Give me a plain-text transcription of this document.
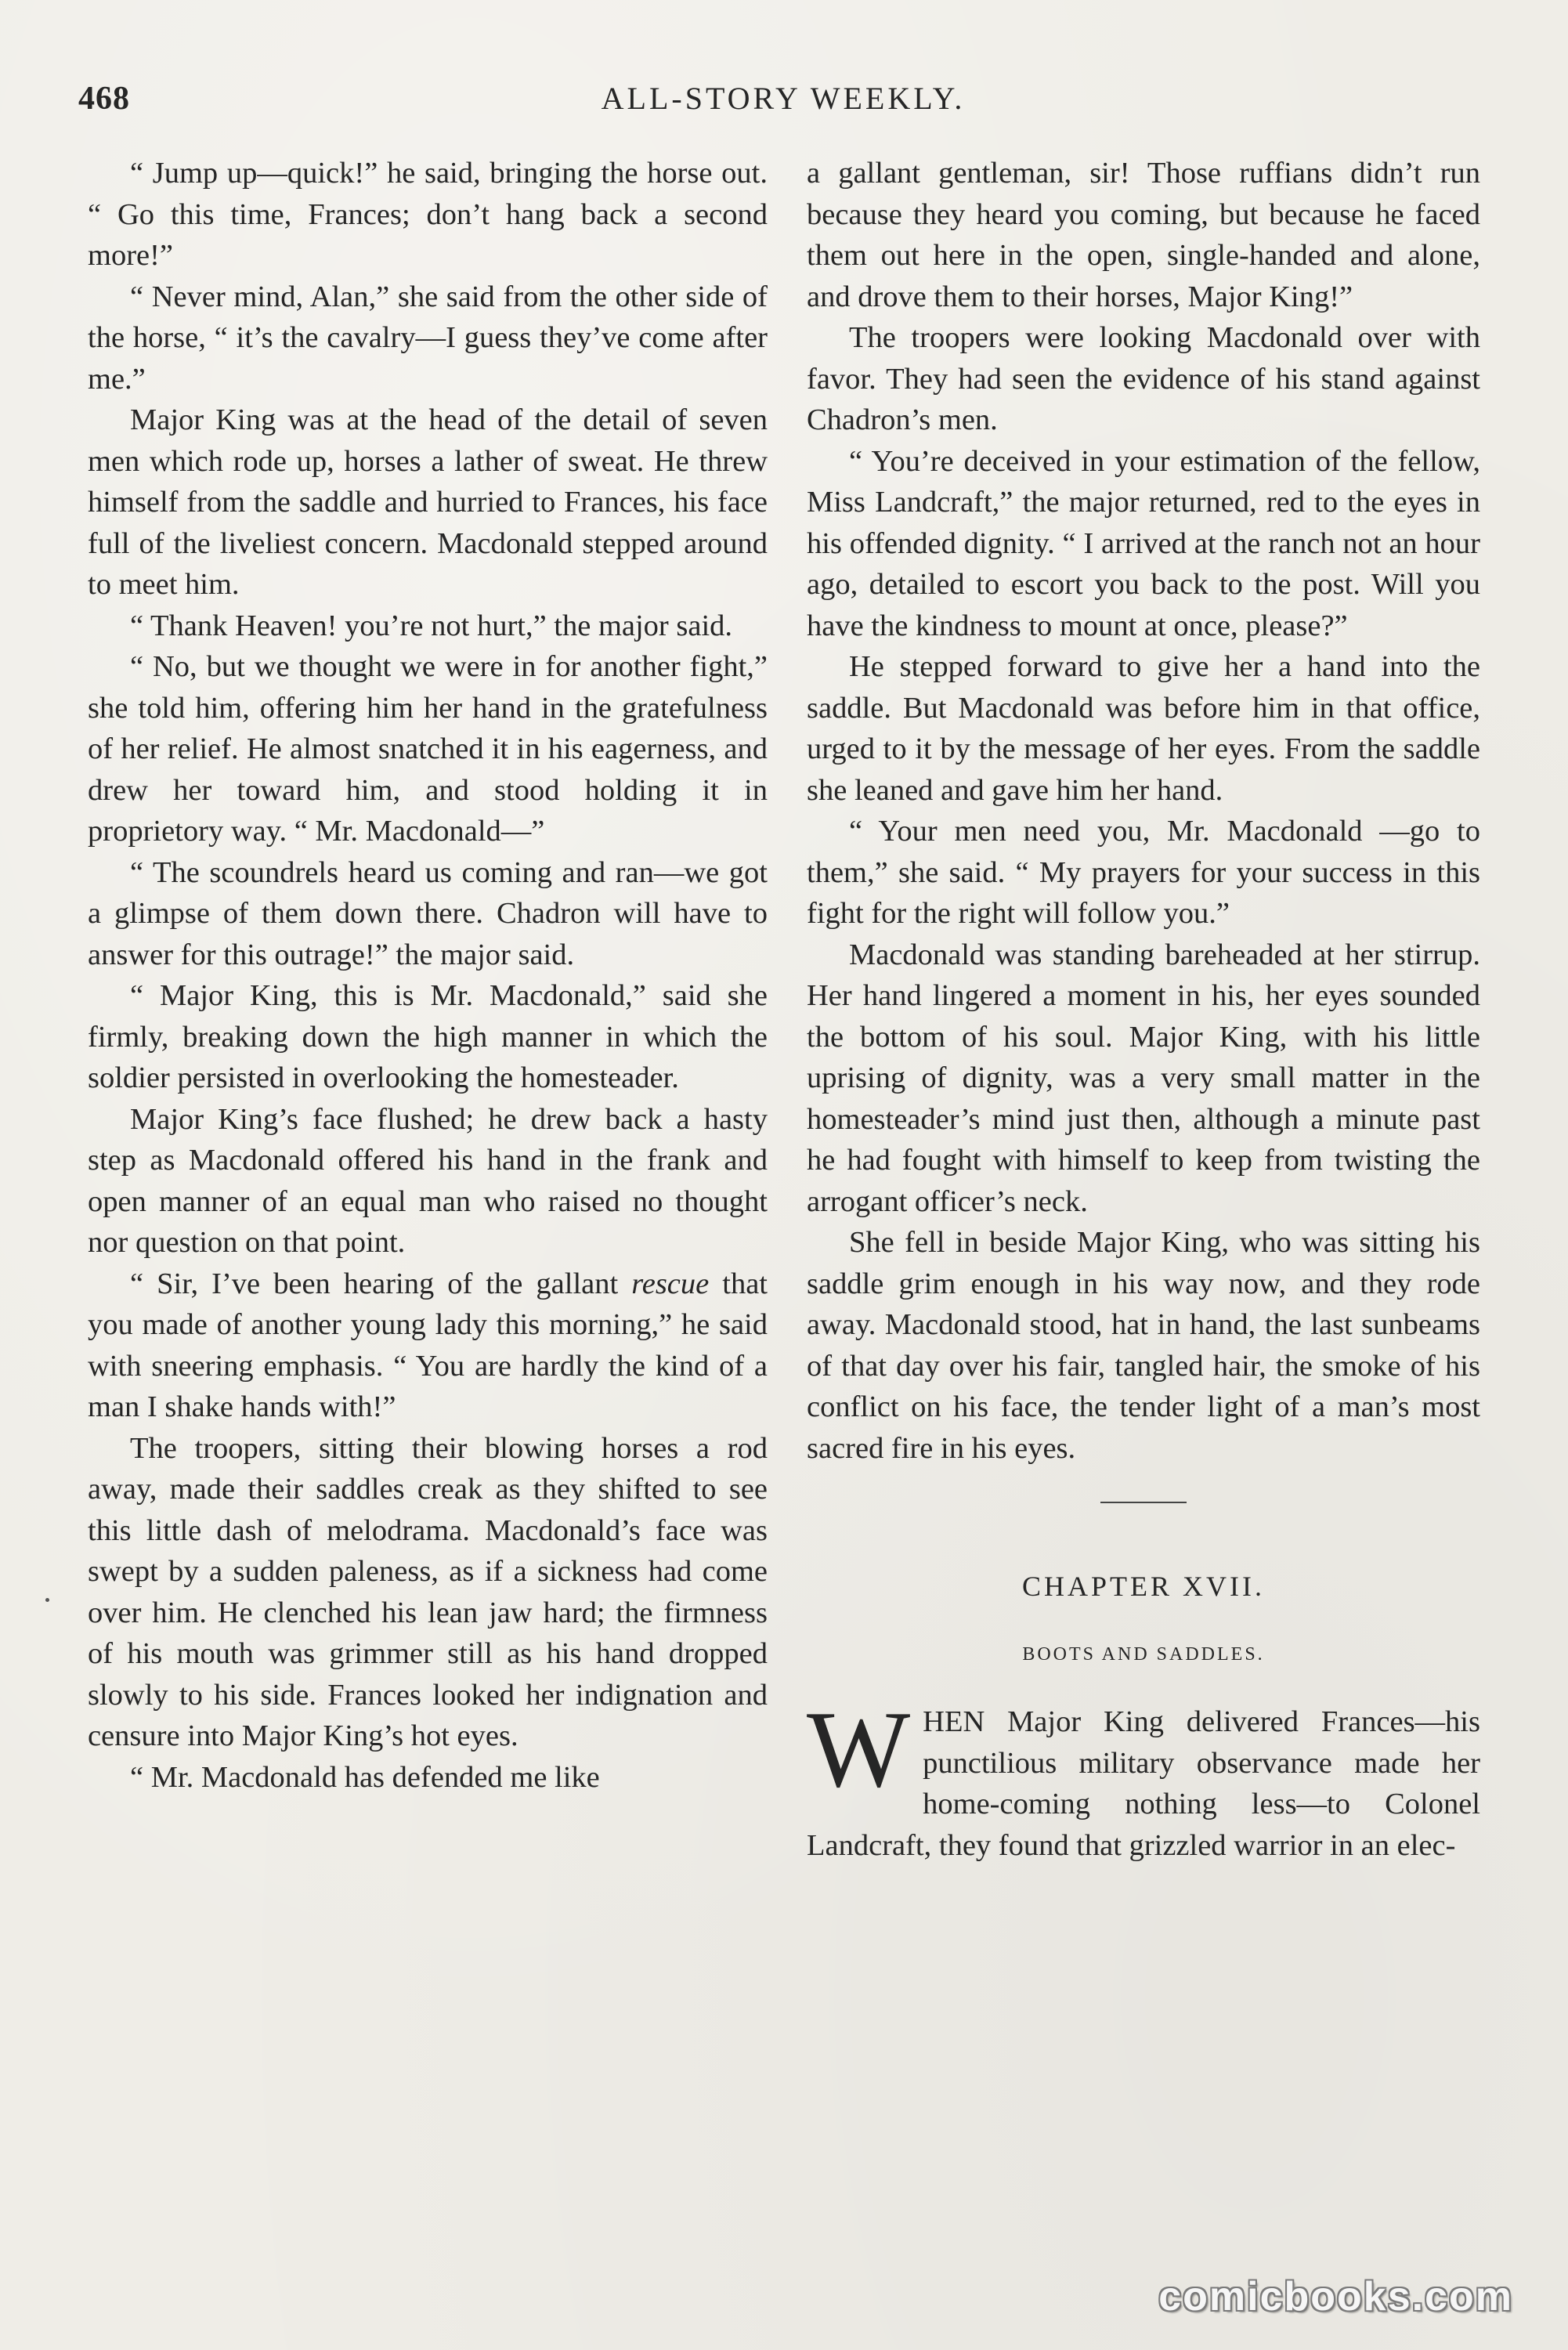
468	ALL-STORY WEEKLY.

“ Jump up—quick!” he said, bringing the horse out. “ Go this time, Frances; don’t hang back a second more!”

“ Never mind, Alan,” she said from the other side of the horse, “ it’s the cavalry—I guess they’ve come after me.”

Major King was at the head of the detail of seven men which rode up, horses a lather of sweat. He threw himself from the saddle and hurried to Frances, his face full of the liveliest concern. Macdonald stepped around to meet him.

“ Thank Heaven! you’re not hurt,” the major said.

“ No, but we thought we were in for another fight,” she told him, offering him her hand in the gratefulness of her relief. He almost snatched it in his eagerness, and drew her toward him, and stood holding it in proprietory way. “ Mr. Macdonald—”

“ The scoundrels heard us coming and ran—we got a glimpse of them down there. Chadron will have to answer for this outrage!” the major said.

“ Major King, this is Mr. Macdonald,” said she firmly, breaking down the high manner in which the soldier persisted in overlooking the homesteader.

Major King’s face flushed; he drew back a hasty step as Macdonald offered his hand in the frank and open manner of an equal man who raised no thought nor question on that point.

“ Sir, I’ve been hearing of the gallant rescue that you made of another young lady this morning,” he said with sneering emphasis. “ You are hardly the kind of a man I shake hands with!”

The troopers, sitting their blowing horses a rod away, made their saddles creak as they shifted to see this little dash of melodrama. Macdonald’s face was swept by a sudden paleness, as if a sickness had come over him. He clenched his lean jaw hard; the firmness of his mouth was grimmer still as his hand dropped slowly to his side. Frances looked her indignation and censure into Major King’s hot eyes.

“ Mr. Macdonald has defended me like

a gallant gentleman, sir! Those ruffians didn’t run because they heard you coming, but because he faced them out here in the open, single-handed and alone, and drove them to their horses, Major King!”

The troopers were looking Macdonald over with favor. They had seen the evidence of his stand against Chadron’s men.

“ You’re deceived in your estimation of the fellow, Miss Landcraft,” the major returned, red to the eyes in his offended dignity. “ I arrived at the ranch not an hour ago, detailed to escort you back to the post. Will you have the kindness to mount at once, please?”

He stepped forward to give her a hand into the saddle. But Macdonald was before him in that office, urged to it by the message of her eyes. From the saddle she leaned and gave him her hand.

“ Your men need you, Mr. Macdonald —go to them,” she said. “ My prayers for your success in this fight for the right will follow you.”

Macdonald was standing bareheaded at her stirrup. Her hand lingered a moment in his, her eyes sounded the bottom of his soul. Major King, with his little uprising of dignity, was a very small matter in the homesteader’s mind just then, although a minute past he had fought with himself to keep from twisting the arrogant officer’s neck.

She fell in beside Major King, who was sitting his saddle grim enough in his way now, and they rode away. Macdonald stood, hat in hand, the last sunbeams of that day over his fair, tangled hair, the smoke of his conflict on his face, the tender light of a man’s most sacred fire in his eyes.

CHAPTER XVII.
BOOTS AND SADDLES.

WHEN Major King delivered Frances—his punctilious military observance made her home-coming nothing less—to Colonel Landcraft, they found that grizzled warrior in an elec-

comicbooks.com
